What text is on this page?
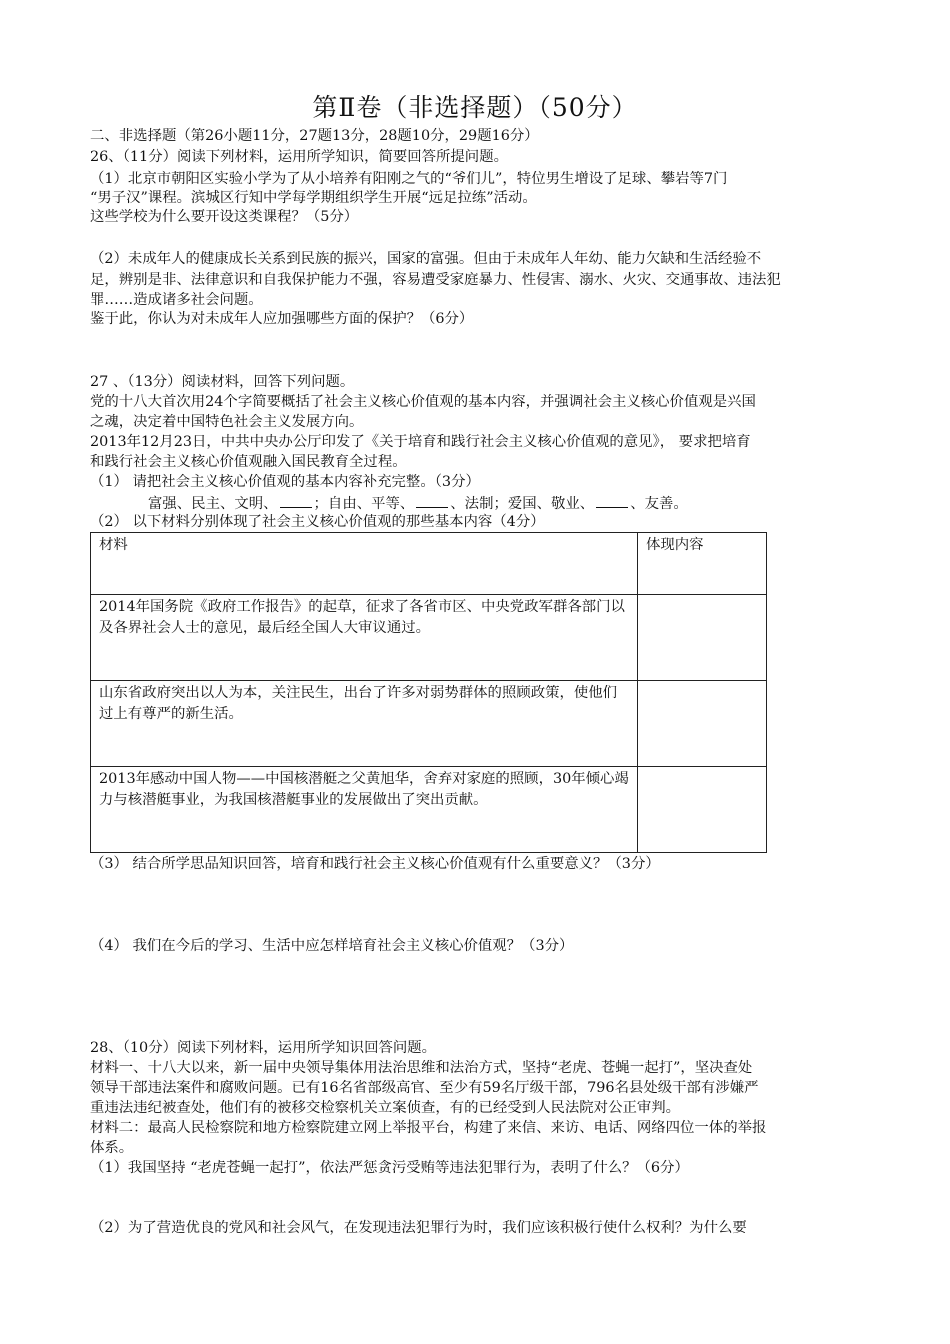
第Ⅱ卷（非选择题）（50分）
二、非选择题（第26小题11分，27题13分，28题10分，29题16分）
26、（11分）阅读下列材料，运用所学知识，简要回答所提问题。
（1）北京市朝阳区实验小学为了从小培养有阳刚之气的“爷们儿”，特位男生增设了足球、攀岩等7门
“男子汉”课程。滨城区行知中学每学期组织学生开展“远足拉练”活动。
这些学校为什么要开设这类课程？（5分）
（2）未成年人的健康成长关系到民族的振兴，国家的富强。但由于未成年人年幼、能力欠缺和生活经验不
足，辨别是非、法律意识和自我保护能力不强，容易遭受家庭暴力、性侵害、溺水、火灾、交通事故、违法犯
罪……造成诸多社会问题。
鉴于此，你认为对未成年人应加强哪些方面的保护？（6分）
27 、（13分）阅读材料，回答下列问题。
党的十八大首次用24个字简要概括了社会主义核心价值观的基本内容，并强调社会主义核心价值观是兴国
之魂，决定着中国特色社会主义发展方向。
2013年12月23日，中共中央办公厅印发了《关于培育和践行社会主义核心价值观的意见》， 要求把培育
和践行社会主义核心价值观融入国民教育全过程。
（1） 请把社会主义核心价值观的基本内容补充完整。（3分）
富强、民主、文明、	；自由、平等、	、法制；爱国、敬业、	、友善。
（2） 以下材料分别体现了社会主义核心价值观的那些基本内容（4分）
材料	体现内容
2014年国务院《政府工作报告》的起草，征求了各省市区、中央党政军群各部门以及各界社会人士的意见，最后经全国人大审议通过。	
山东省政府突出以人为本，关注民生，出台了许多对弱势群体的照顾政策，使他们过上有尊严的新生活。	
2013年感动中国人物——中国核潜艇之父黄旭华，舍弃对家庭的照顾，30年倾心竭力与核潜艇事业，为我国核潜艇事业的发展做出了突出贡献。	
（3） 结合所学思品知识回答，培育和践行社会主义核心价值观有什么重要意义？（3分）
（4） 我们在今后的学习、生活中应怎样培育社会主义核心价值观？（3分）
28、（10分）阅读下列材料，运用所学知识回答问题。
材料一、十八大以来，新一届中央领导集体用法治思维和法治方式，坚持“老虎、苍蝇一起打”，坚决查处
领导干部违法案件和腐败问题。已有16名省部级高官、至少有59名厅级干部，796名县处级干部有涉嫌严
重违法违纪被查处，他们有的被移交检察机关立案侦查，有的已经受到人民法院对公正审判。
材料二：最高人民检察院和地方检察院建立网上举报平台，构建了来信、来访、电话、网络四位一体的举报
体系。
（1）我国坚持 “老虎苍蝇一起打”，依法严惩贪污受贿等违法犯罪行为，表明了什么？（6分）
（2）为了营造优良的党风和社会风气，在发现违法犯罪行为时，我们应该积极行使什么权利？为什么要
